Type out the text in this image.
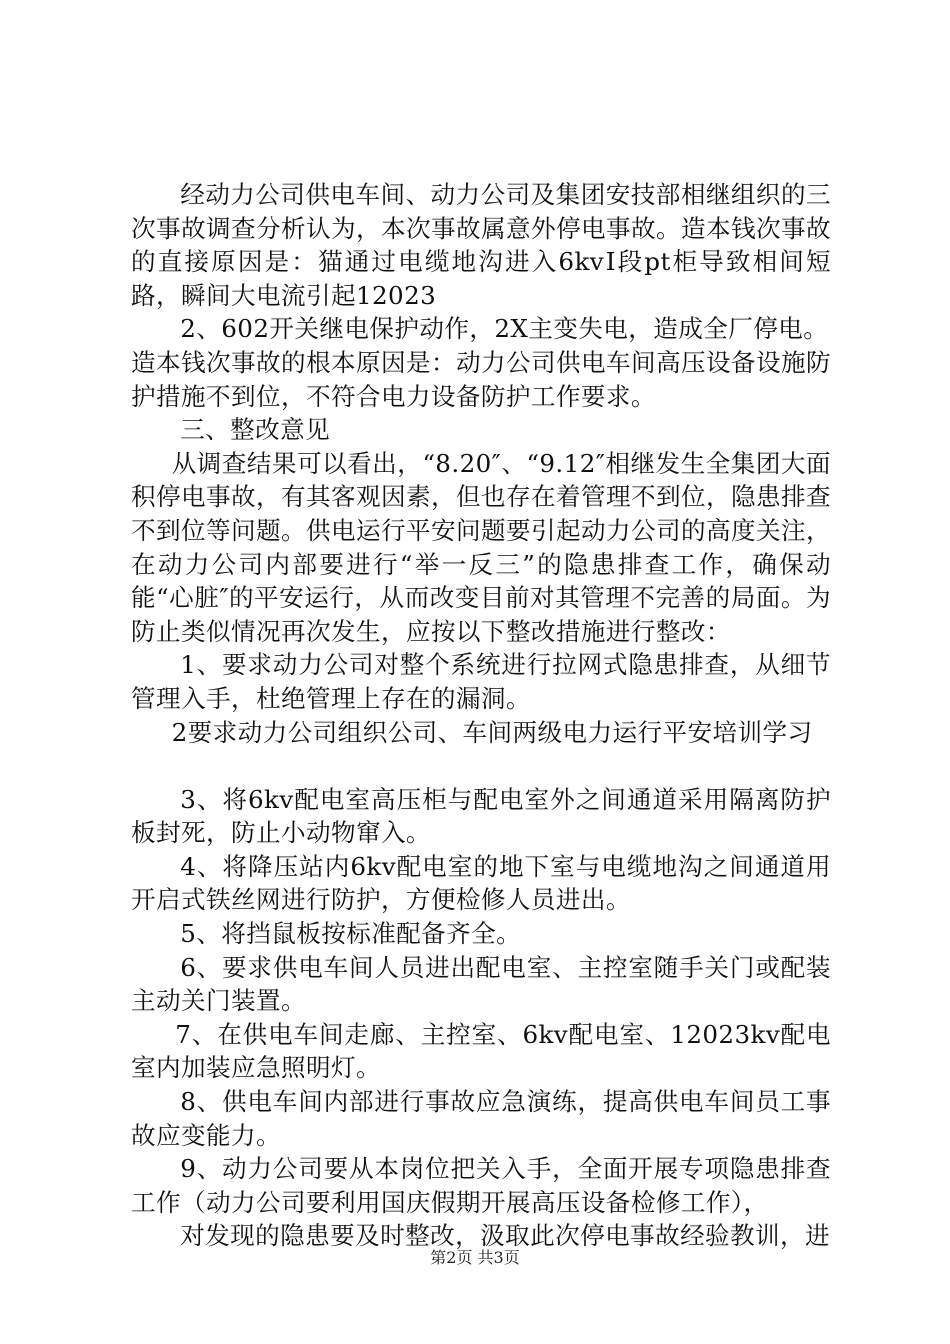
经动力公司供电车间、动力公司及集团安技部相继组织的三次事故调查分析认为，本次事故属意外停电事故。造本钱次事故的直接原因是：猫通过电缆地沟进入6kvⅠ段pt柜导致相间短路，瞬间大电流引起12023

2、602开关继电保护动作，2X主变失电，造成全厂停电。

造本钱次事故的根本原因是：动力公司供电车间高压设备设施防护措施不到位，不符合电力设备防护工作要求。

三、整改意见

从调查结果可以看出，“8.20″、“9.12″相继发生全集团大面积停电事故，有其客观因素，但也存在着管理不到位，隐患排查不到位等问题。供电运行平安问题要引起动力公司的高度关注，在动力公司内部要进行“举一反三”的隐患排查工作，确保动能“心脏″的平安运行，从而改变目前对其管理不完善的局面。为防止类似情况再次发生，应按以下整改措施进行整改：

1、要求动力公司对整个系统进行拉网式隐患排查，从细节管理入手，杜绝管理上存在的漏洞。

2要求动力公司组织公司、车间两级电力运行平安培训学习

3、将6kv配电室高压柜与配电室外之间通道采用隔离防护板封死，防止小动物窜入。

4、将降压站内6kv配电室的地下室与电缆地沟之间通道用开启式铁丝网进行防护，方便检修人员进出。

5、将挡鼠板按标准配备齐全。

6、要求供电车间人员进出配电室、主控室随手关门或配装主动关门装置。

7、在供电车间走廊、主控室、6kv配电室、12023kv配电室内加装应急照明灯。

8、供电车间内部进行事故应急演练，提高供电车间员工事故应变能力。

9、动力公司要从本岗位把关入手，全面开展专项隐患排查工作（动力公司要利用国庆假期开展高压设备检修工作），

对发现的隐患要及时整改，汲取此次停电事故经验教训，进

第2页 共3页
